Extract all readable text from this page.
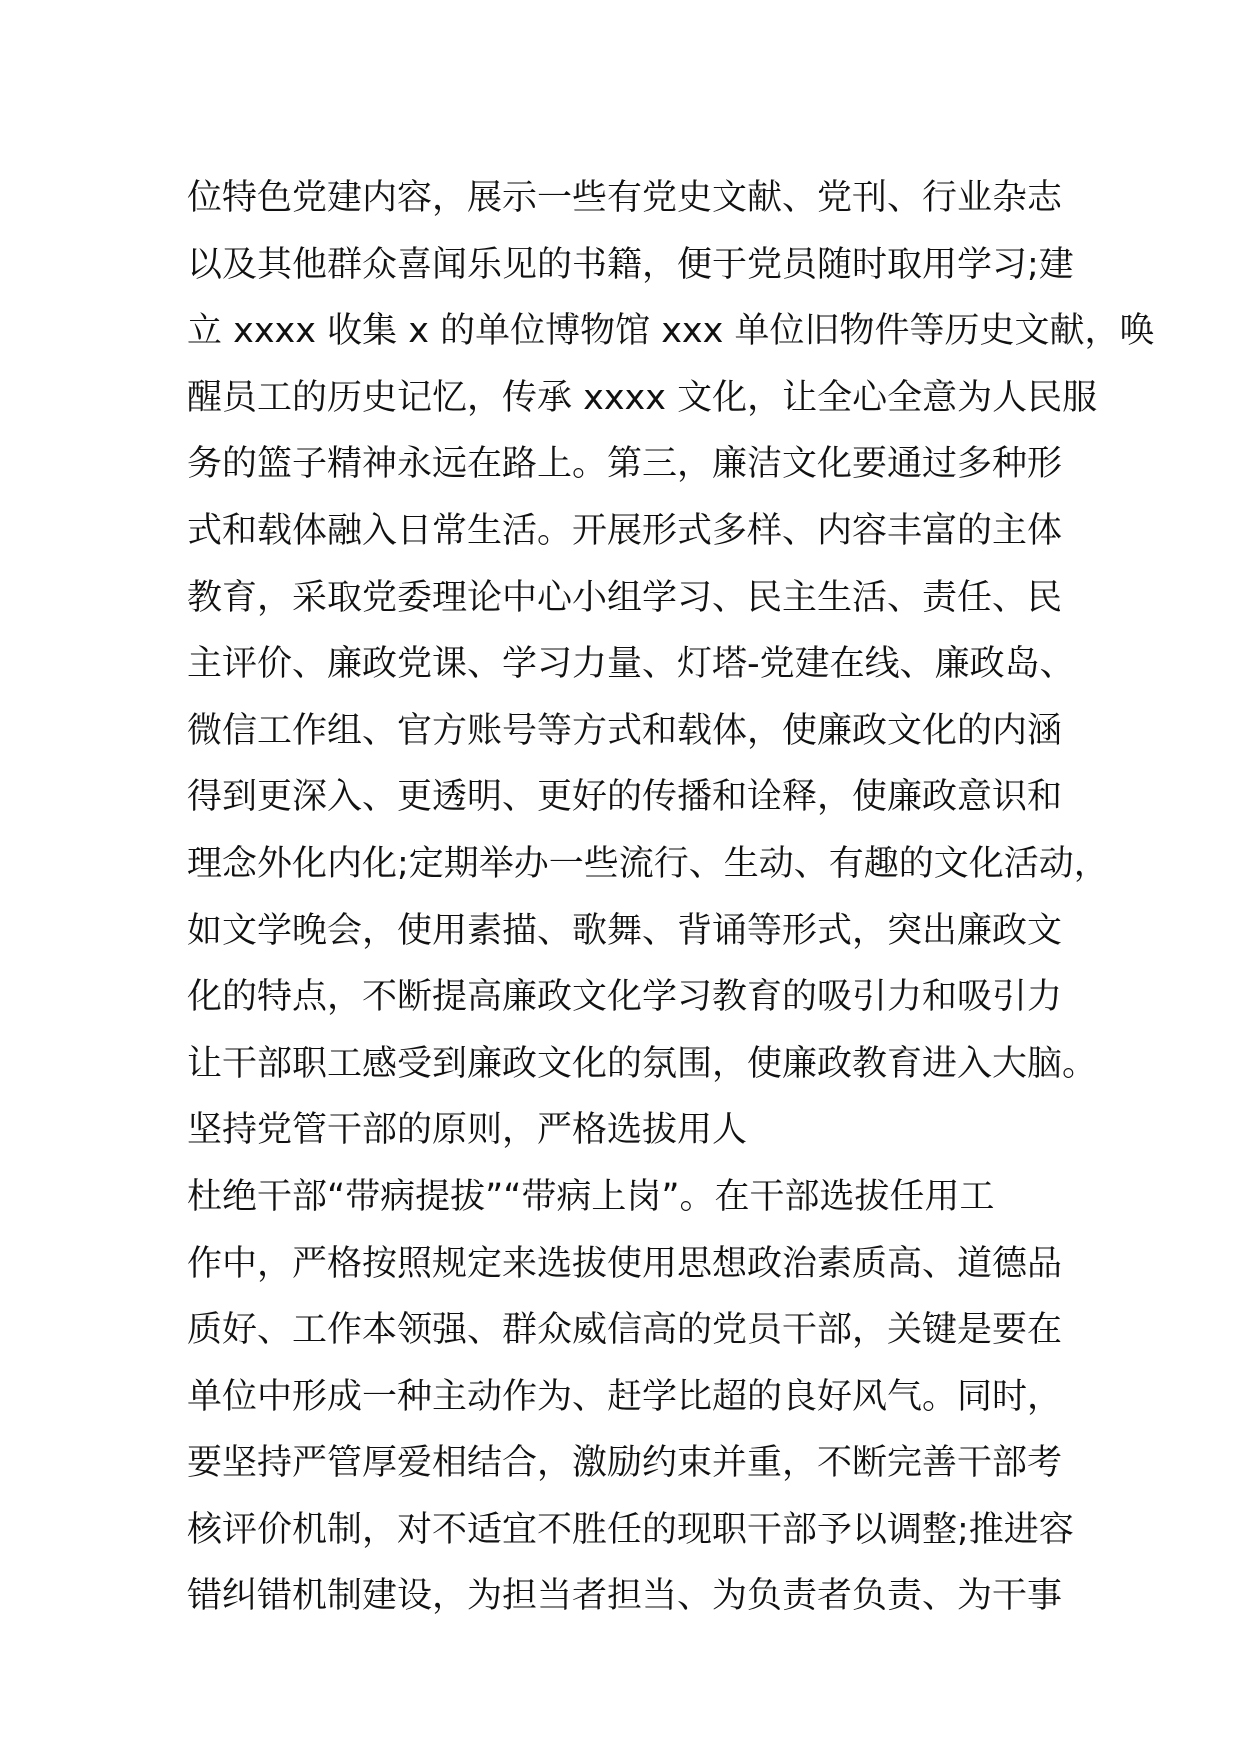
位特色党建内容，展示一些有党史文献、党刊、行业杂志
以及其他群众喜闻乐见的书籍，便于党员随时取用学习;建
立 xxxx 收集 x 的单位博物馆 xxx 单位旧物件等历史文献，唤
醒员工的历史记忆，传承 xxxx 文化，让全心全意为人民服
务的篮子精神永远在路上。第三，廉洁文化要通过多种形
式和载体融入日常生活。开展形式多样、内容丰富的主体
教育，采取党委理论中心小组学习、民主生活、责任、民
主评价、廉政党课、学习力量、灯塔-党建在线、廉政岛、
微信工作组、官方账号等方式和载体，使廉政文化的内涵
得到更深入、更透明、更好的传播和诠释，使廉政意识和
理念外化内化;定期举办一些流行、生动、有趣的文化活动，
如文学晚会，使用素描、歌舞、背诵等形式，突出廉政文
化的特点，不断提高廉政文化学习教育的吸引力和吸引力
让干部职工感受到廉政文化的氛围，使廉政教育进入大脑。
坚持党管干部的原则，严格选拔用人
杜绝干部“带病提拔”“带病上岗”。在干部选拔任用工
作中，严格按照规定来选拔使用思想政治素质高、道德品
质好、工作本领强、群众威信高的党员干部，关键是要在
单位中形成一种主动作为、赶学比超的良好风气。同时，
要坚持严管厚爱相结合，激励约束并重，不断完善干部考
核评价机制，对不适宜不胜任的现职干部予以调整;推进容
错纠错机制建设，为担当者担当、为负责者负责、为干事
